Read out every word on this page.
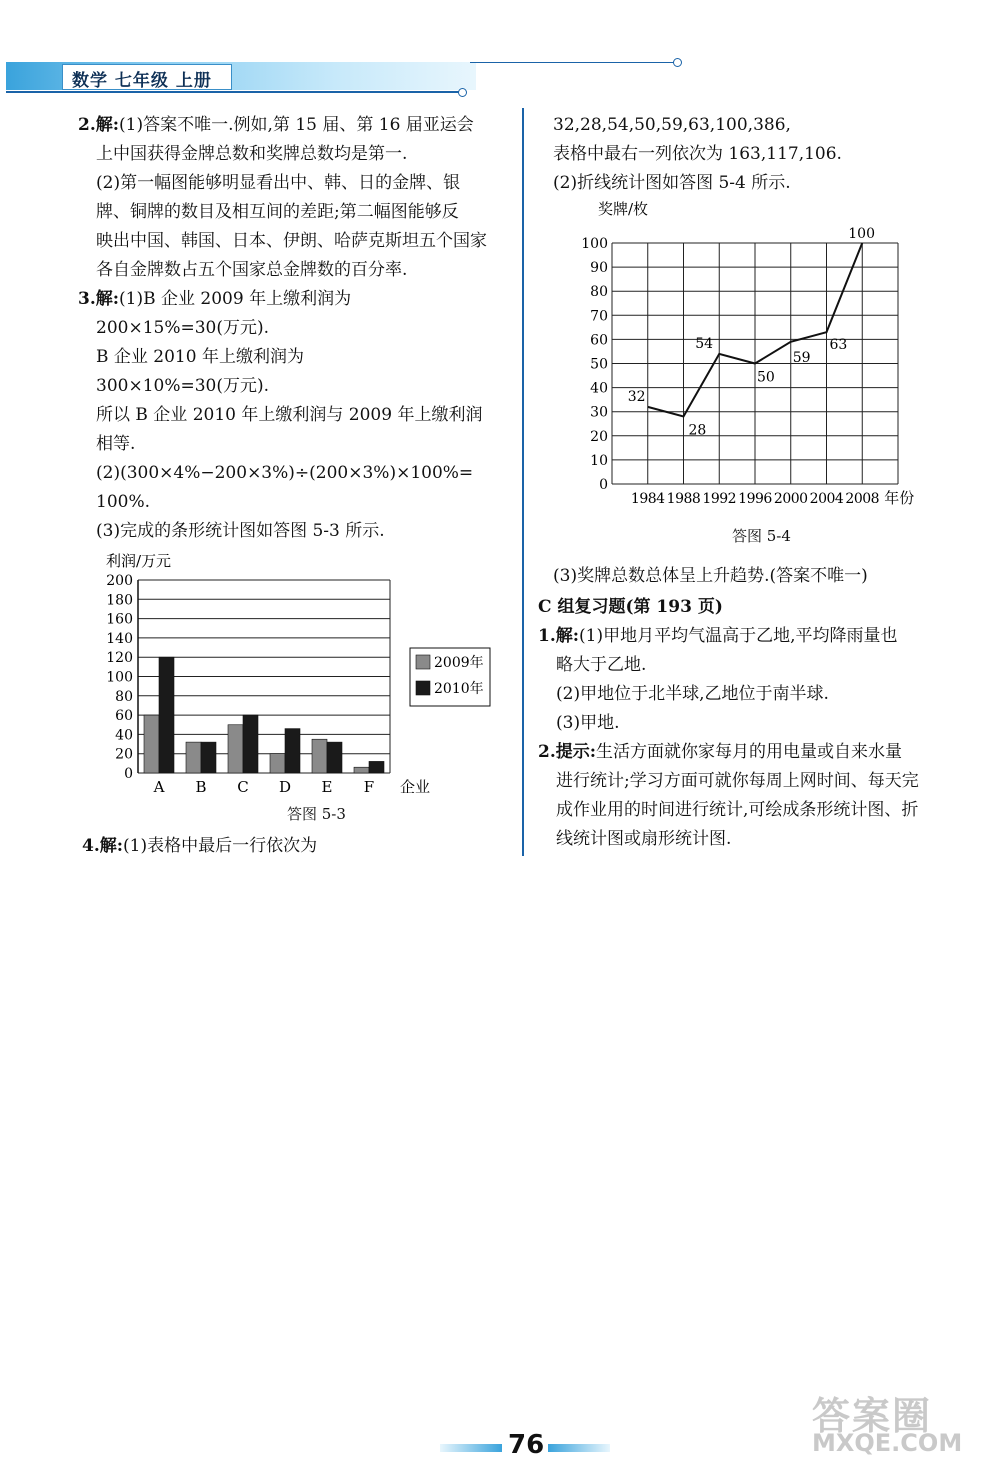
数学 七年级 上册
2.解:(1)答案不唯一.例如,第 15 届、第 16 届亚运会
上中国获得金牌总数和奖牌总数均是第一.
(2)第一幅图能够明显看出中、韩、日的金牌、银
牌、铜牌的数目及相互间的差距;第二幅图能够反
映出中国、韩国、日本、伊朗、哈萨克斯坦五个国家
各自金牌数占五个国家总金牌数的百分率.
3.解:(1)B 企业 2009 年上缴利润为
200×15%=30(万元).
B 企业 2010 年上缴利润为
300×10%=30(万元).
所以 B 企业 2010 年上缴利润与 2009 年上缴利润
相等.
(2)(300×4%−200×3%)÷(200×3%)×100%=
100%.
(3)完成的条形统计图如答图 5-3 所示.
利润/万元
0
20
40
60
80
100
120
140
160
180
200
A B C D E F 企业
2009年
2010年
答图 5-3
4.解:(1)表格中最后一行依次为
32,28,54,50,59,63,100,386,
表格中最右一列依次为 163,117,106.
(2)折线统计图如答图 5-4 所示.
奖牌/枚
0
10
20
30
40
50
60
70
80
90
100
32
28
54
50
59
63
100
1984 1988 1992 1996 2000 2004 2008 年份
答图 5-4
(3)奖牌总数总体呈上升趋势.(答案不唯一)
C 组复习题(第 193 页)
1.解:(1)甲地月平均气温高于乙地,平均降雨量也
略大于乙地.
(2)甲地位于北半球,乙地位于南半球.
(3)甲地.
2.提示:生活方面就你家每月的用电量或自来水量
进行统计;学习方面可就你每周上网时间、每天完
成作业用的时间进行统计,可绘成条形统计图、折
线统计图或扇形统计图.
76
答案圈
MXQE.COM
